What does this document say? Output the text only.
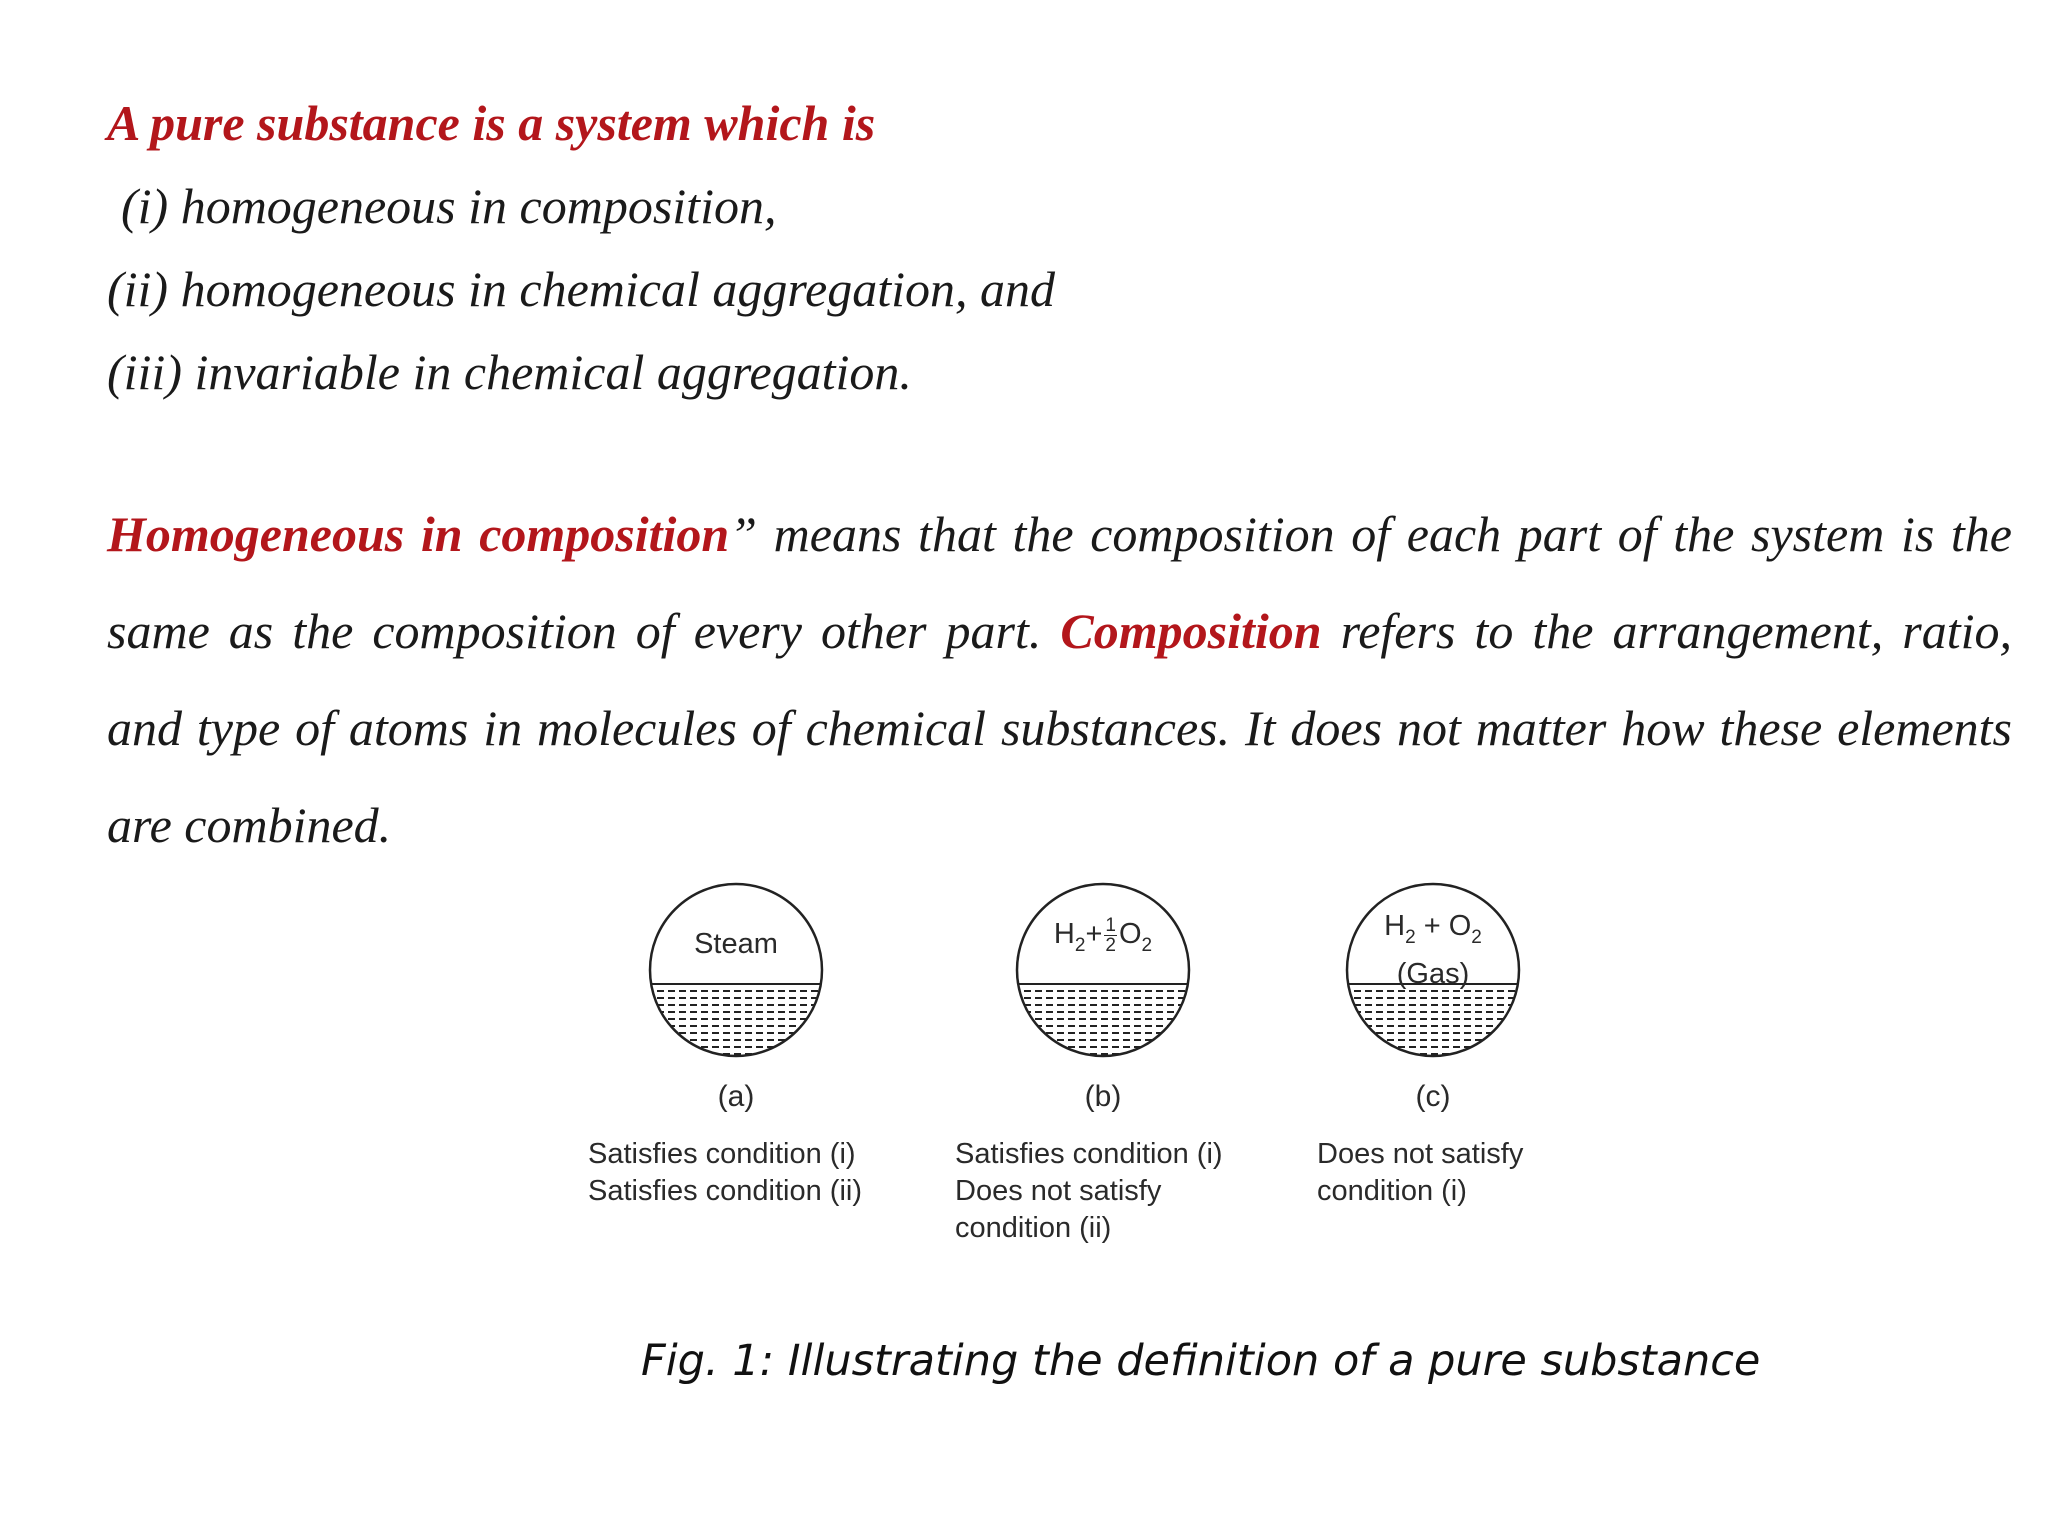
A pure substance is a system which is
(i) homogeneous in composition,
(ii) homogeneous in chemical aggregation, and
(iii) invariable in chemical aggregation.

Homogeneous in composition” means that the composition of each part of the system is the same as the composition of every other part. Composition refers to the arrangement, ratio, and type of atoms in molecules of chemical substances. It does not matter how these elements are combined.

Steam
(a)
Satisfies condition (i)
Satisfies condition (ii)
$H_2+ \frac{1}{2} O_2$
(b)
Satisfies condition (i)
Does not satisfy
condition (ii)
$H_2 + O_2$
(Gas)
(c)
Does not satisfy
condition (i)
Fig. 1: Illustrating the definition of a pure substance
